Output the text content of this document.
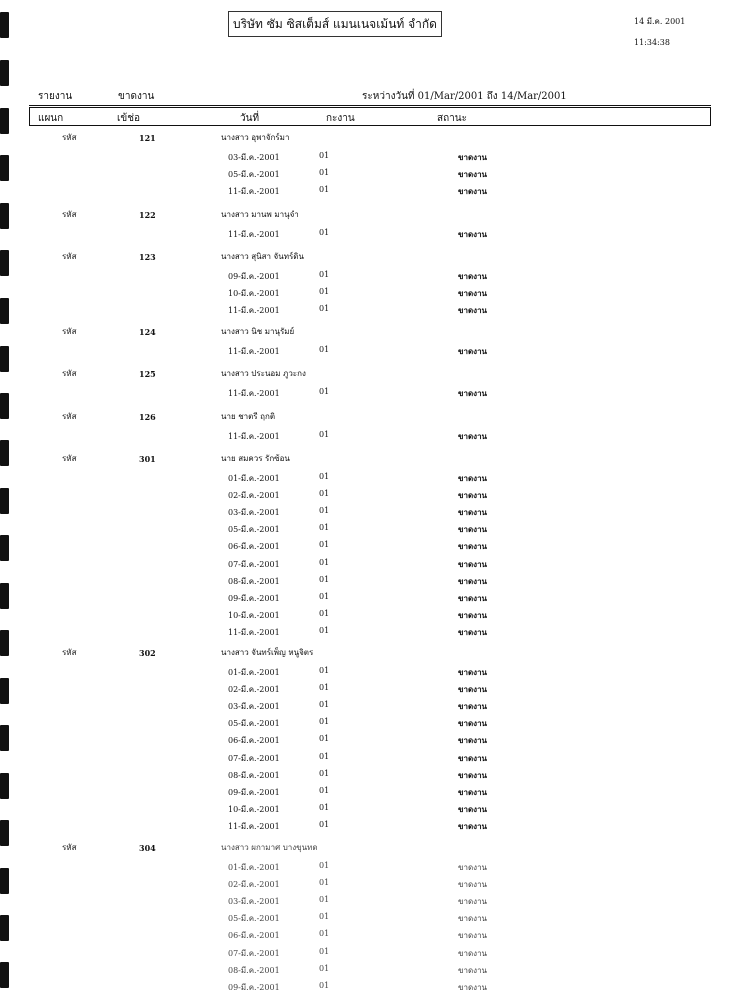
บริษัท ซัม ซิสเต็มส์ แมนเนจเม้นท์ จำกัด	14 มี.ค. 2001
11:34:38
รายงาน	ขาดงาน	ระหว่างวันที่ 01/Mar/2001 ถึง 14/Mar/2001
แผนก	เข้ช่อ	วันที่	กะงาน	สถานะ
รหัส	121	นางสาว อุพาจักร์มา
03-มี.ค.-2001	01	ขาดงาน
05-มี.ค.-2001	01	ขาดงาน
11-มี.ค.-2001	01	ขาดงาน
รหัส	122	นางสาว มานพ มานุจำ
11-มี.ค.-2001	01	ขาดงาน
รหัส	123	นางสาว สุนิสา จันทร์ดิน
09-มี.ค.-2001	01	ขาดงาน
10-มี.ค.-2001	01	ขาดงาน
11-มี.ค.-2001	01	ขาดงาน
รหัส	124	นางสาว นิช มานุรัมย์
11-มี.ค.-2001	01	ขาดงาน
รหัส	125	นางสาว ประนอม ภูวะกง
11-มี.ค.-2001	01	ขาดงาน
รหัส	126	นาย ชาตรี ฤกติ
11-มี.ค.-2001	01	ขาดงาน
รหัส	301	นาย สมควร รักซ้อน
01-มี.ค.-2001	01	ขาดงาน
02-มี.ค.-2001	01	ขาดงาน
03-มี.ค.-2001	01	ขาดงาน
05-มี.ค.-2001	01	ขาดงาน
06-มี.ค.-2001	01	ขาดงาน
07-มี.ค.-2001	01	ขาดงาน
08-มี.ค.-2001	01	ขาดงาน
09-มี.ค.-2001	01	ขาดงาน
10-มี.ค.-2001	01	ขาดงาน
11-มี.ค.-2001	01	ขาดงาน
รหัส	302	นางสาว จันทร์เพ็ญ หนูจิตร
01-มี.ค.-2001	01	ขาดงาน
02-มี.ค.-2001	01	ขาดงาน
03-มี.ค.-2001	01	ขาดงาน
05-มี.ค.-2001	01	ขาดงาน
06-มี.ค.-2001	01	ขาดงาน
07-มี.ค.-2001	01	ขาดงาน
08-มี.ค.-2001	01	ขาดงาน
09-มี.ค.-2001	01	ขาดงาน
10-มี.ค.-2001	01	ขาดงาน
11-มี.ค.-2001	01	ขาดงาน
รหัส	304	นางสาว ผกามาศ บางขุนทด
01-มี.ค.-2001	01	ขาดงาน
02-มี.ค.-2001	01	ขาดงาน
03-มี.ค.-2001	01	ขาดงาน
05-มี.ค.-2001	01	ขาดงาน
06-มี.ค.-2001	01	ขาดงาน
07-มี.ค.-2001	01	ขาดงาน
08-มี.ค.-2001	01	ขาดงาน
09-มี.ค.-2001	01	ขาดงาน
